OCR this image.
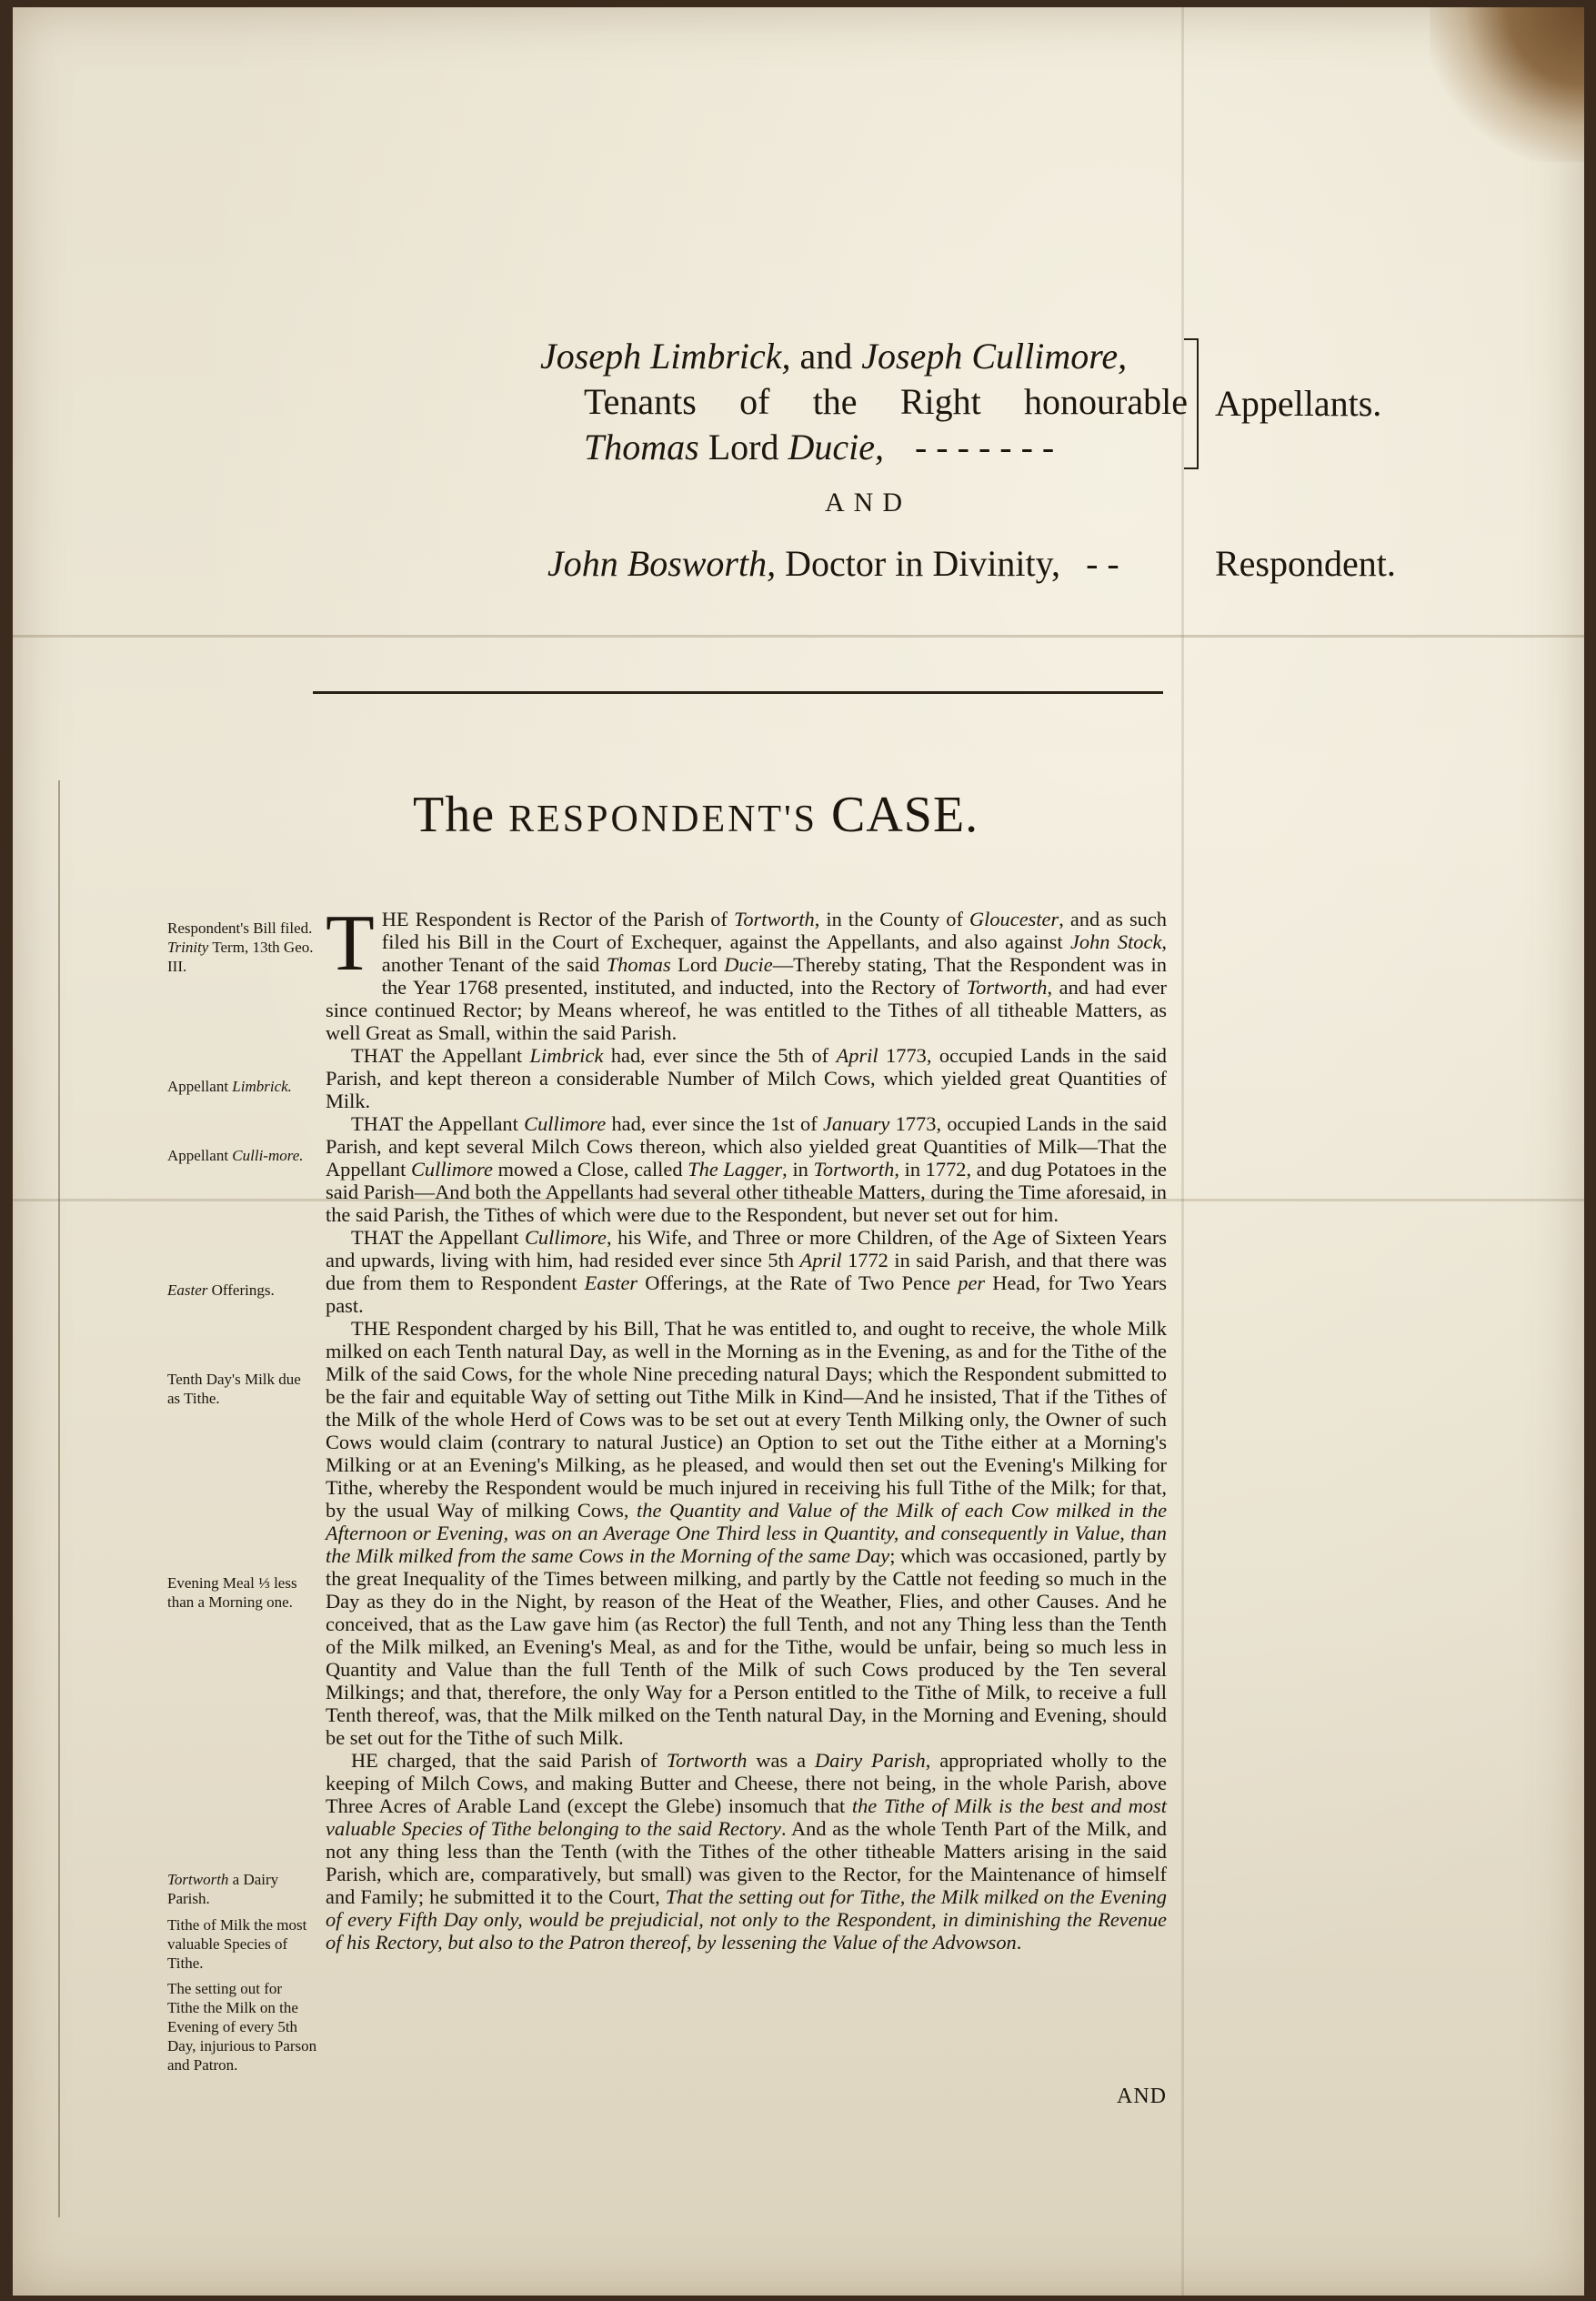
Joseph Limbrick, and Joseph Cullimore,
Tenants of the Right honourable
Thomas Lord Ducie, - - - - - - -
Appellants.
AND
John Bosworth, Doctor in Divinity, - -	Respondent.
The RESPONDENT'S CASE.
Respondent's Bill filed.
Trinity Term, 13th Geo. III.
Appellant Limbrick.
Appellant Culli-more.
Easter Offerings.
Tenth Day's Milk due as Tithe.
Evening Meal ⅓ less than a Morning one.
Tortworth a Dairy Parish.
Tithe of Milk the most valuable Species of Tithe.
The setting out for Tithe the Milk on the Evening of every 5th Day, injurious to Parson and Patron.

THE Respondent is Rector of the Parish of Tortworth, in the County of Gloucester, and as such filed his Bill in the Court of Exchequer, against the Appellants, and also against John Stock, another Tenant of the said Thomas Lord Ducie—Thereby stating, That the Respondent was in the Year 1768 presented, instituted, and inducted, into the Rectory of Tortworth, and had ever since continued Rector; by Means whereof, he was entitled to the Tithes of all titheable Matters, as well Great as Small, within the said Parish.

THAT the Appellant Limbrick had, ever since the 5th of April 1773, occupied Lands in the said Parish, and kept thereon a considerable Number of Milch Cows, which yielded great Quantities of Milk.

THAT the Appellant Cullimore had, ever since the 1st of January 1773, occupied Lands in the said Parish, and kept several Milch Cows thereon, which also yielded great Quantities of Milk—That the Appellant Cullimore mowed a Close, called The Lagger, in Tortworth, in 1772, and dug Potatoes in the said Parish—And both the Appellants had several other titheable Matters, during the Time aforesaid, in the said Parish, the Tithes of which were due to the Respondent, but never set out for him.

THAT the Appellant Cullimore, his Wife, and Three or more Children, of the Age of Sixteen Years and upwards, living with him, had resided ever since 5th April 1772 in said Parish, and that there was due from them to Respondent Easter Offerings, at the Rate of Two Pence per Head, for Two Years past.

THE Respondent charged by his Bill, That he was entitled to, and ought to receive, the whole Milk milked on each Tenth natural Day, as well in the Morning as in the Evening, as and for the Tithe of the Milk of the said Cows, for the whole Nine preceding natural Days; which the Respondent submitted to be the fair and equitable Way of setting out Tithe Milk in Kind—And he insisted, That if the Tithes of the Milk of the whole Herd of Cows was to be set out at every Tenth Milking only, the Owner of such Cows would claim (contrary to natural Justice) an Option to set out the Tithe either at a Morning's Milking or at an Evening's Milking, as he pleased, and would then set out the Evening's Milking for Tithe, whereby the Respondent would be much injured in receiving his full Tithe of the Milk; for that, by the usual Way of milking Cows, the Quantity and Value of the Milk of each Cow milked in the Afternoon or Evening, was on an Average One Third less in Quantity, and consequently in Value, than the Milk milked from the same Cows in the Morning of the same Day; which was occasioned, partly by the great Inequality of the Times between milking, and partly by the Cattle not feeding so much in the Day as they do in the Night, by reason of the Heat of the Weather, Flies, and other Causes. And he conceived, that as the Law gave him (as Rector) the full Tenth, and not any Thing less than the Tenth of the Milk milked, an Evening's Meal, as and for the Tithe, would be unfair, being so much less in Quantity and Value than the full Tenth of the Milk of such Cows produced by the Ten several Milkings; and that, therefore, the only Way for a Person entitled to the Tithe of Milk, to receive a full Tenth thereof, was, that the Milk milked on the Tenth natural Day, in the Morning and Evening, should be set out for the Tithe of such Milk.

HE charged, that the said Parish of Tortworth was a Dairy Parish, appropriated wholly to the keeping of Milch Cows, and making Butter and Cheese, there not being, in the whole Parish, above Three Acres of Arable Land (except the Glebe) insomuch that the Tithe of Milk is the best and most valuable Species of Tithe belonging to the said Rectory. And as the whole Tenth Part of the Milk, and not any thing less than the Tenth (with the Tithes of the other titheable Matters arising in the said Parish, which are, comparatively, but small) was given to the Rector, for the Maintenance of himself and Family; he submitted it to the Court, That the setting out for Tithe, the Milk milked on the Evening of every Fifth Day only, would be prejudicial, not only to the Respondent, in diminishing the Revenue of his Rectory, but also to the Patron thereof, by lessening the Value of the Advowson.

AND
